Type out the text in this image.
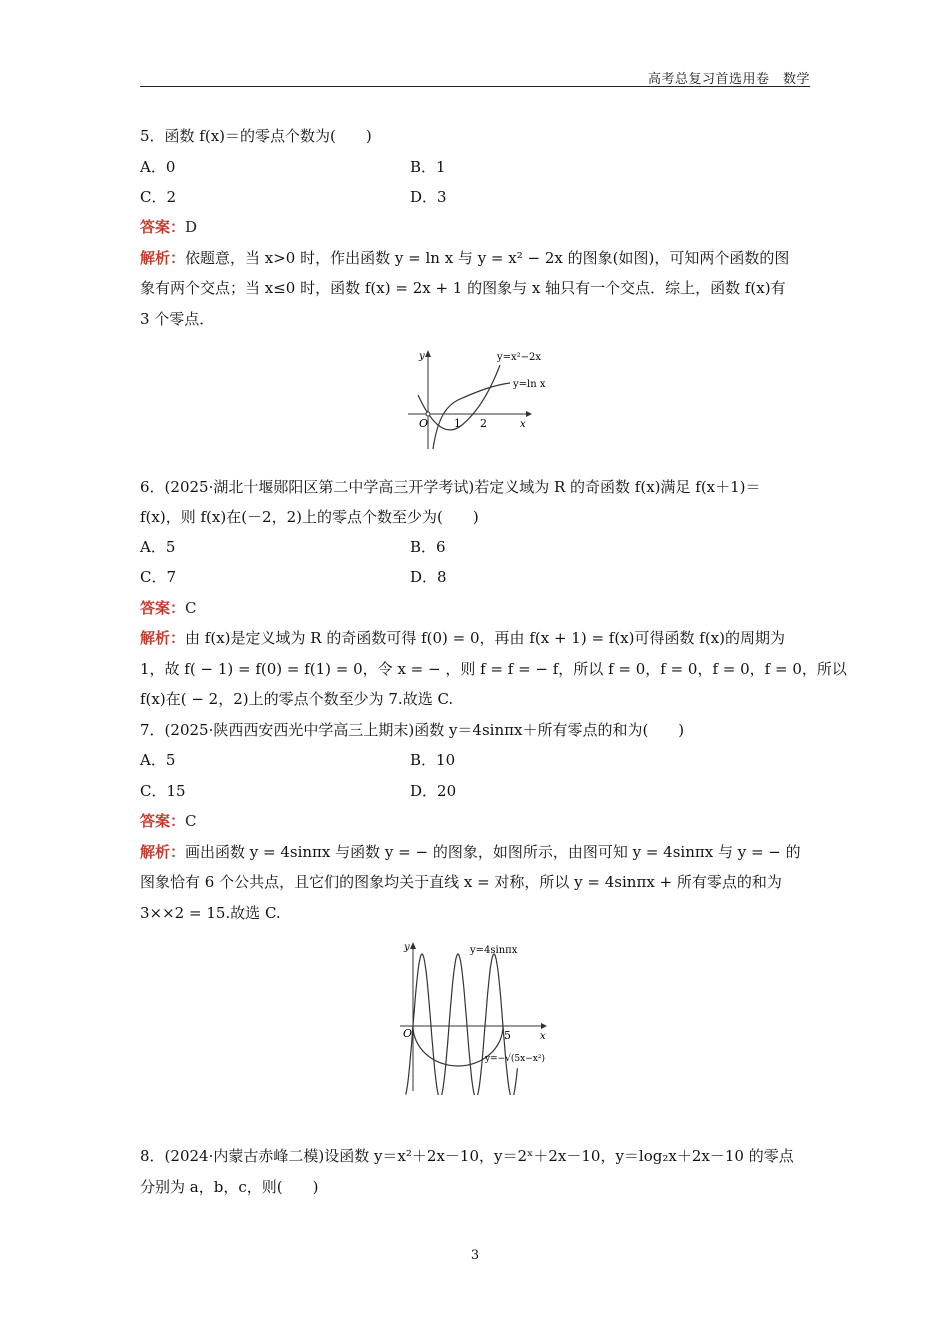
高考总复习首选用卷　数学
5．函数 f(x)＝的零点个数为(　　)
A．0	B．1
C．2	D．3
答案：D
解析：依题意，当 x>0 时，作出函数 y = ln x 与 y = x² − 2x 的图象(如图)，可知两个函数的图
象有两个交点；当 x≤0 时，函数 f(x) = 2x + 1 的图象与 x 轴只有一个交点．综上，函数 f(x)有
3 个零点．
y=x²−2x
y=ln x
O 1 2	x
y
6．(2025·湖北十堰郧阳区第二中学高三开学考试)若定义域为 R 的奇函数 f(x)满足 f(x＋1)＝
f(x)，则 f(x)在(－2，2)上的零点个数至少为(　　)
A．5	B．6
C．7	D．8
答案：C
解析：由 f(x)是定义域为 R 的奇函数可得 f(0) = 0，再由 f(x + 1) = f(x)可得函数 f(x)的周期为
1，故 f( − 1) = f(0) = f(1) = 0，令 x = − ，则 f = f = − f，所以 f = 0，f = 0，f = 0，f = 0，所以
f(x)在( − 2，2)上的零点个数至少为 7.故选 C.
7．(2025·陕西西安西光中学高三上期末)函数 y＝4sinπx＋所有零点的和为(　　)
A．5	B．10
C．15	D．20
答案：C
解析：画出函数 y = 4sinπx 与函数 y = − 的图象，如图所示，由图可知 y = 4sinπx 与 y = − 的
图象恰有 6 个公共点，且它们的图象均关于直线 x = 对称，所以 y = 4sinπx + 所有零点的和为
3××2 = 15.故选 C.
y=4sinπx
y=−√(5x−x²)
O	5	x
y
8．(2024·内蒙古赤峰二模)设函数 y＝x²＋2x－10，y＝2ˣ＋2x－10，y＝log₂x＋2x－10 的零点
分别为 a，b，c，则(　　)
3
